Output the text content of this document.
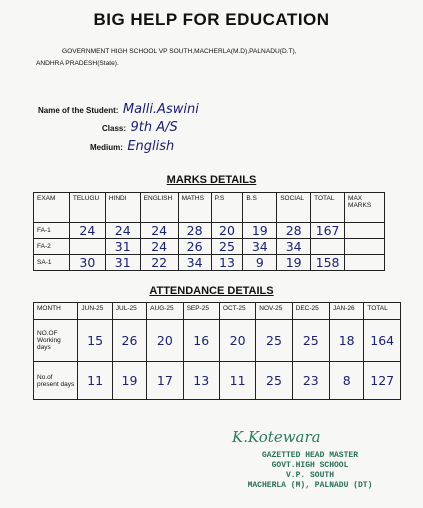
BIG HELP FOR EDUCATION
GOVERNMENT HIGH SCHOOL VP SOUTH,MACHERLA(M.D),PALNADU(D.T),
ANDHRA PRADESH(State).
Name of the Student: Malli.Aswini
Class: 9th A/S
Medium: English
MARKS DETAILS
EXAM	TELUGU	HINDI	ENGLISH	MATHS	P.S	B.S	SOCIAL	TOTAL	MAX MARKS
FA-1	24	24	24	28	20	19	28	167	
FA-2		31	24	26	25	34	34		
SA-1	30	31	22	34	13	9	19	158	
ATTENDANCE DETAILS
MONTH	JUN-25	JUL-25	AUG-25	SEP-25	OCT-25	NOV-25	DEC-25	JAN-26	TOTAL
NO.OF Working days	15	26	20	16	20	25	25	18	164
No.of present days	11	19	17	13	11	25	23	8	127
K.Kotewara
GAZETTED HEAD MASTER
GOVT.HIGH SCHOOL
V.P. SOUTH
MACHERLA (M), PALNADU (DT)
